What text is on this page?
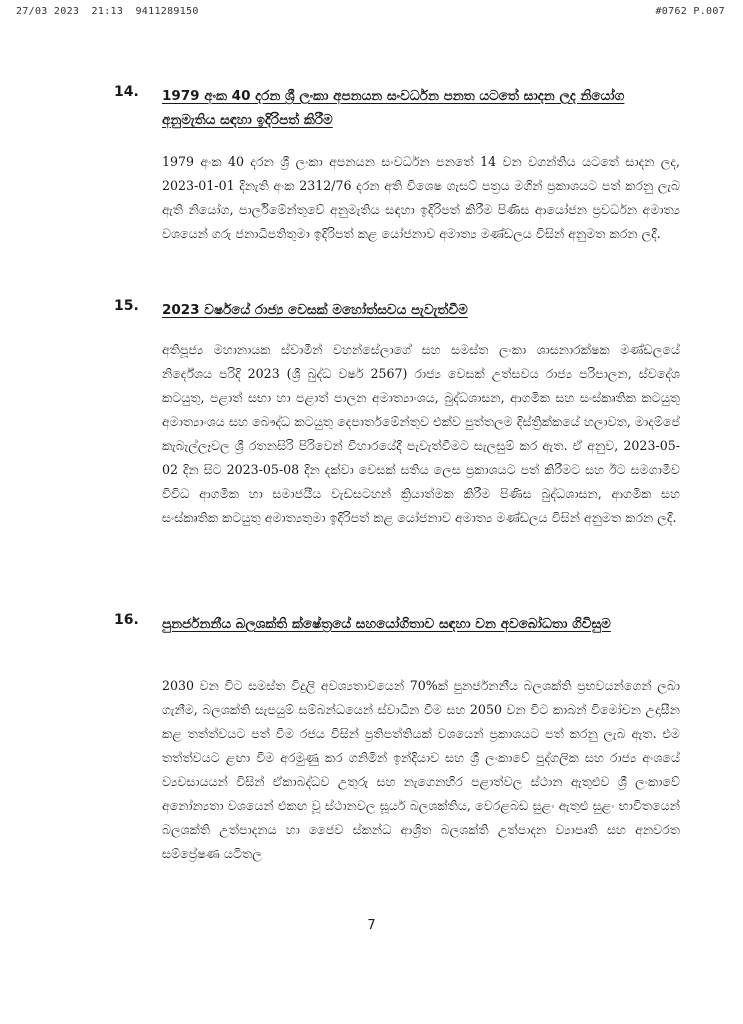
27/03 2023 21:13 9411289150	#0762 P.007
14. 1979 අංක 40 දරන ශ්‍රී ලංකා අපනයන සංවර්ධන පනත යටතේ සාදන ලද නියෝග අනුමැතිය සඳහා ඉදිරිපත් කිරීම
1979 අංක 40 දරන ශ්‍රී ලංකා අපනයන සංවර්ධන පනතේ 14 වන වගන්තිය යටතේ සාදන ලද, 2023-01-01 දිනැති අංක 2312/76 දරන අති විශෙෂ ගැසට් පත්‍රය මගින් ප්‍රකාශයට පත් කරනු ලැබ ඇති නියෝග, පාර්ලිමේන්තුවේ අනුමැතිය සඳහා ඉදිරිපත් කිරීම පිණිස ආයෝජන ප්‍රවර්ධන අමාත්‍ය වශයෙන් ගරු ජනාධිපතිතුමා ඉදිරිපත් කළ යෝජනාව අමාත්‍ය මණ්ඩලය විසින් අනුමත කරන ලදී.
15. 2023 වර්ෂයේ රාජ්‍ය වෙසක් මහෝත්සවය පැවැත්වීම
අතිපූජ්‍ය මහානායක ස්වාමීන් වහන්සේලාගේ සහ සමස්ත ලංකා ශාසනාරක්ෂක මණ්ඩලයේ නිර්දේශය පරිදි 2023 (ශ්‍රී බුද්ධ වර්ෂ 2567) රාජ්‍ය වෙසක් උත්සවය රාජ්‍ය පරිපාලන, ස්වදේශ කටයුතු, පළාත් සභා හා පළාත් පාලන අමාත්‍යාංශය, බුද්ධශාසන, ආගමික සහ සංස්කෘතික කටයුතු අමාත්‍යාංශය සහ බෞද්ධ කටයුතු දෙපාර්තමේන්තුව එක්ව පුත්තලම දිස්ත්‍රික්කයේ හලාවත, මාදම්පේ කැබැල්ලෑවල ශ්‍රී රතනසිරි පිරිවෙන් විහාරයේදී පැවැත්වීමට සැලසුම් කර ඇත. ඒ අනුව, 2023-05-02 දින සිට 2023-05-08 දින දක්වා වෙසක් සතිය ලෙස ප්‍රකාශයට පත් කිරීමට සහ ඊට සමගාමීව විවිධ ආගමික හා සමාජයීය වැඩසටහන් ක්‍රියාත්මක කිරීම පිණිස බුද්ධශාසන, ආගමික සහ සංස්කෘතික කටයුතු අමාත්‍යතුමා ඉදිරිපත් කළ යෝජනාව අමාත්‍ය මණ්ඩලය විසින් අනුමත කරන ලදී.
16. පුනර්ජනනීය බලශක්ති ක්ෂේත්‍රයේ සහයෝගිතාව සඳහා වන අවබෝධතා ගිවිසුම
2030 වන විට සමස්ත විදුලි අවශ්‍යතාවයෙන් 70%ක් පුනර්ජනනීය බලශක්ති ප්‍රභවයන්ගෙන් ලබා ගැනීම, බලශක්ති සැපයුම් සම්බන්ධයෙන් ස්වාධීන වීම සහ 2050 වන විට කාබන් විමෝචන උදාසීන කළ තත්ත්වයට පත් වීම රජය විසින් ප්‍රතිපත්තියක් වශයෙන් ප්‍රකාශයට පත් කරනු ලැබ ඇත. එම තත්ත්වයට ළඟා වීම අරමුණු කර ගනිමින් ඉන්දියාව සහ ශ්‍රී ලංකාවේ පුද්ගලික සහ රාජ්‍ය අංශයේ ව්‍යවසායයන් විසින් ඒකාබද්ධව උතුරු සහ නැගෙනහිර පළාත්වල ස්ථාන ඇතුළුව ශ්‍රී ලංකාවේ අනෝන්‍යතා වශයෙන් එකඟ වූ ස්ථානවල සූර්ය බලශක්තිය, වෙරළබඩ සුළං ඇතුළු සුළං භාවිතයෙන් බලශක්ති උත්පාදනය හා ජෛව ස්කන්ධ ආශ්‍රිත බලශක්ති උත්පාදන ව්‍යාපෘති සහ අනවරත සම්ප්‍රේෂණ යටිතල
7
